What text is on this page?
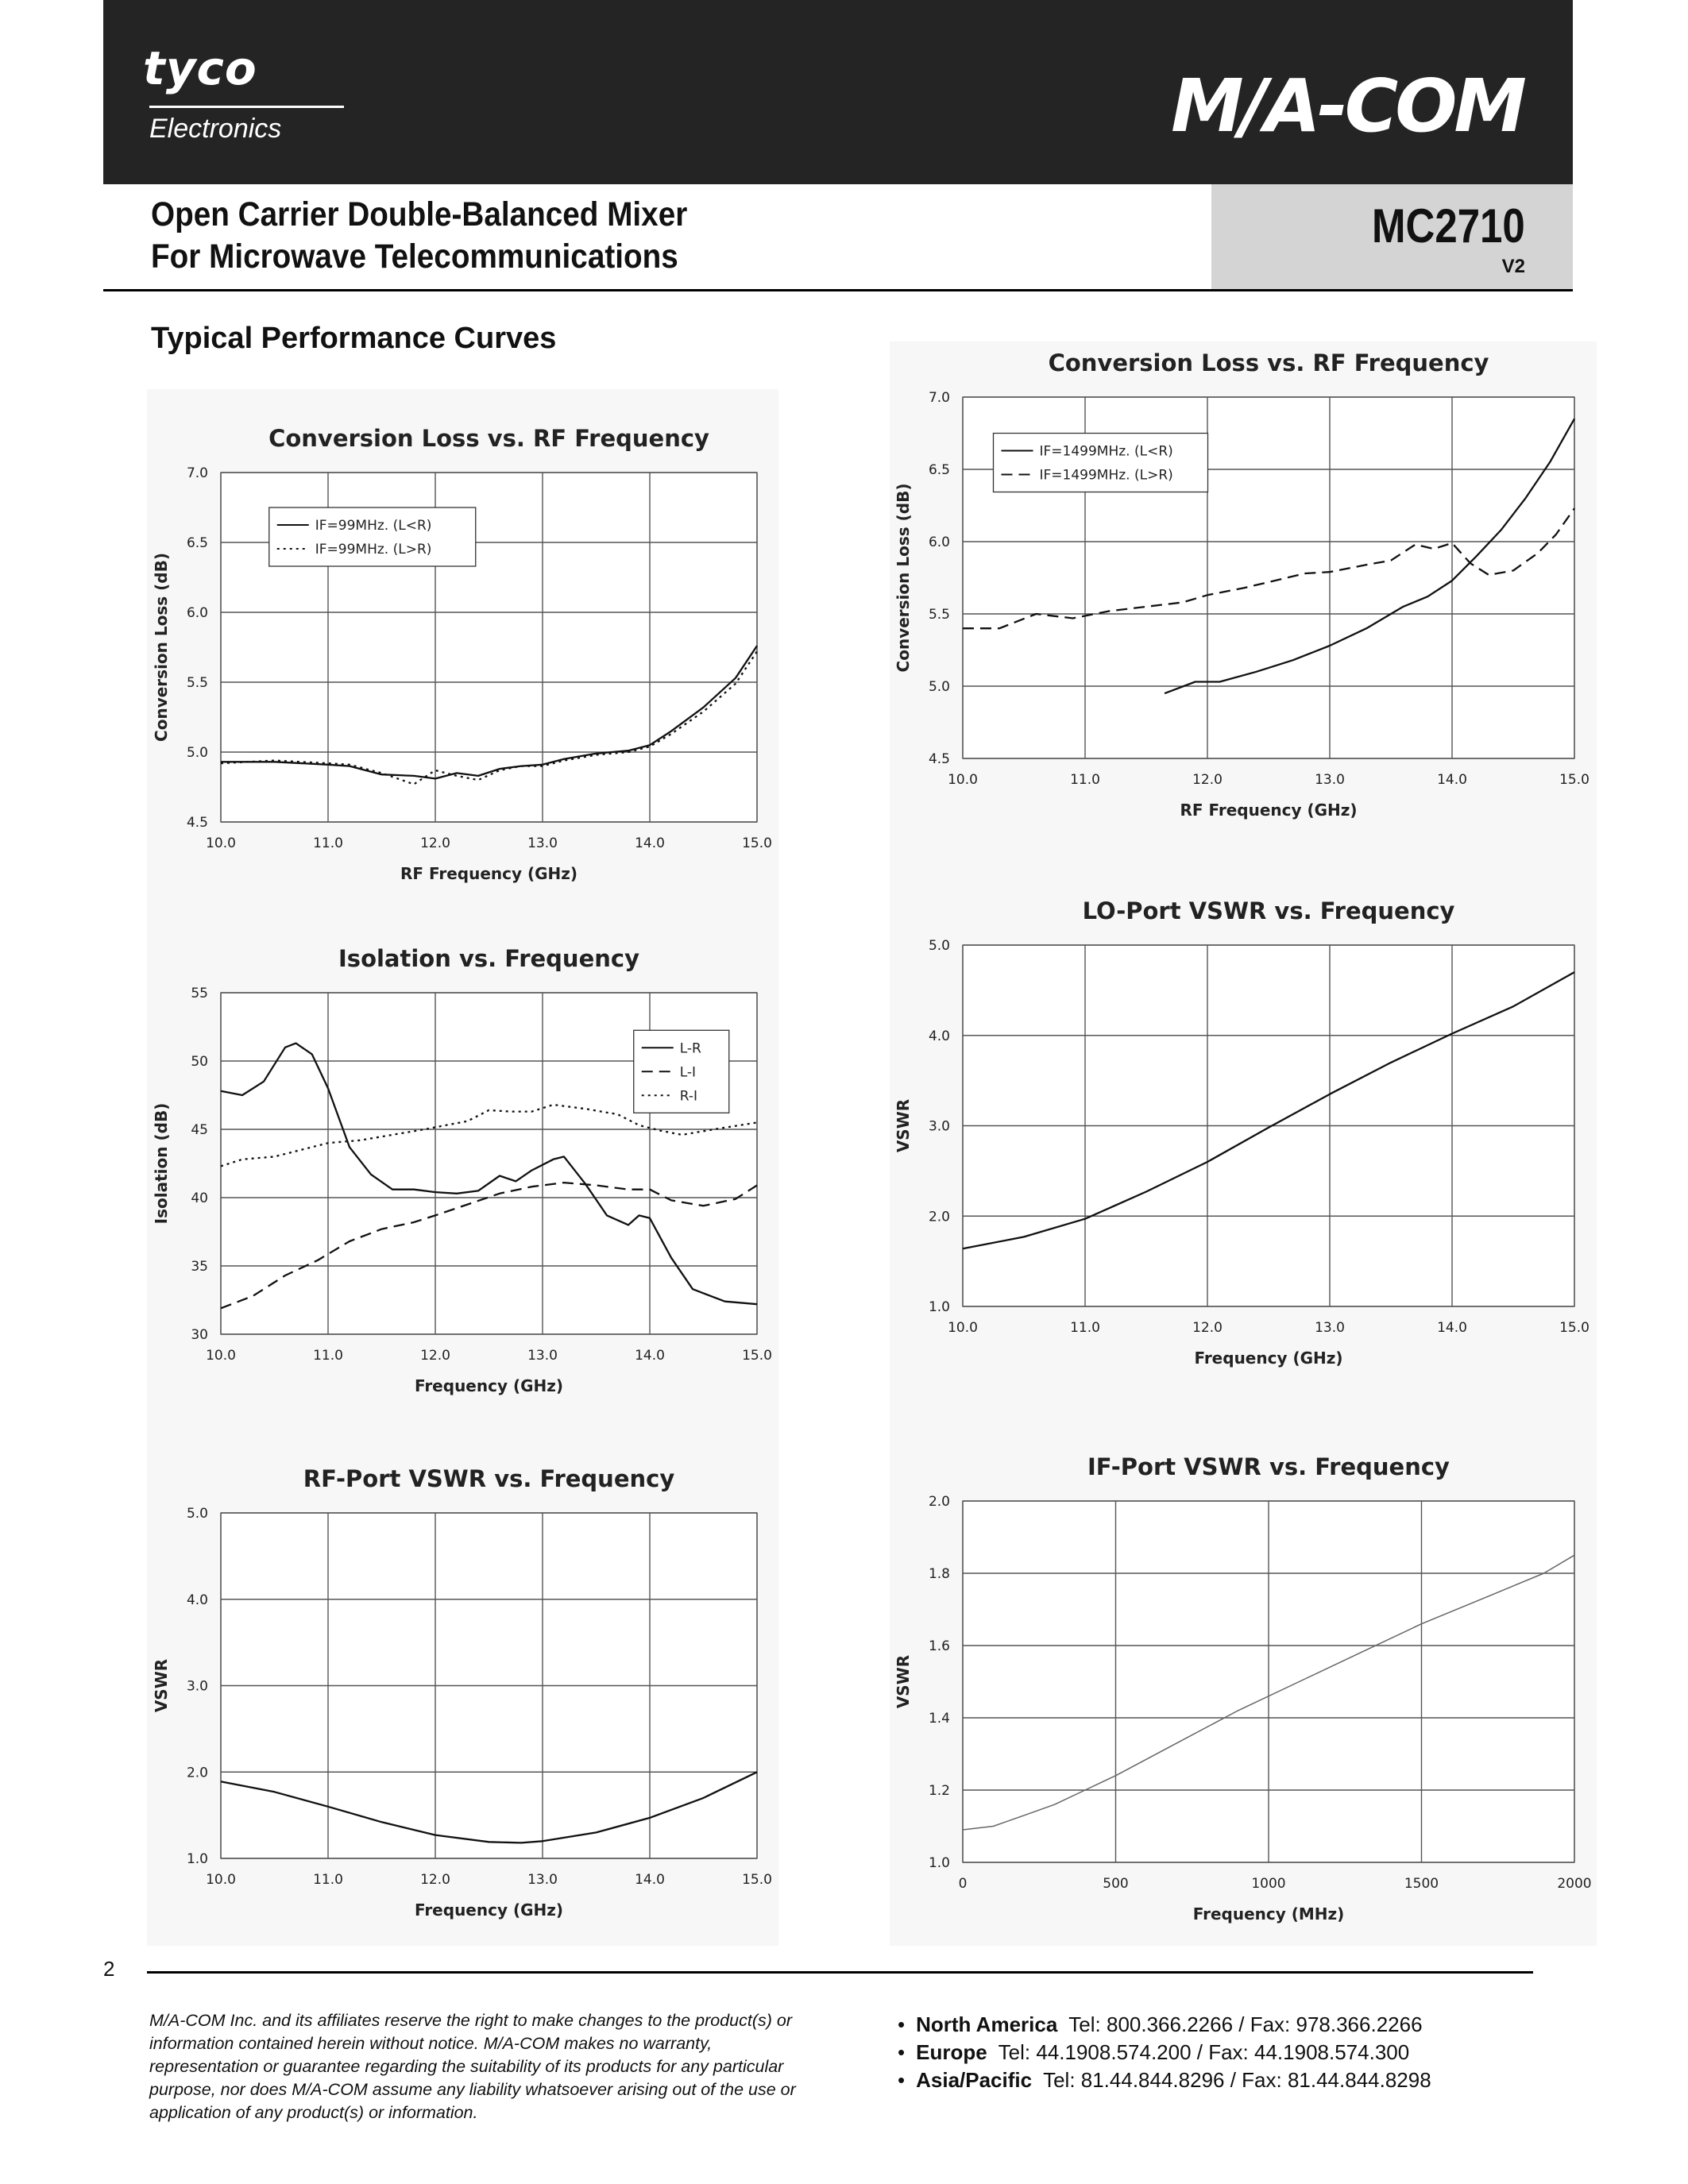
tyco
Electronics	M/A-COM
Open Carrier Double-Balanced Mixer
For Microwave Telecommunications
MC2710
V2
Typical Performance Curves
4.5
5.0
5.5
6.0
6.5
7.0
10.0	11.0	12.0	13.0	14.0	15.0
Conversion Loss vs. RF Frequency
RF Frequency (GHz)
Conversion Loss (dB)
IF=99MHz. (L<R)
IF=99MHz. (L>R)
4.5
5.0
5.5
6.0
6.5
7.0
10.0	11.0	12.0	13.0	14.0	15.0
Conversion Loss vs. RF Frequency
RF Frequency (GHz)
Conversion Loss (dB)
IF=1499MHz. (L<R)
IF=1499MHz. (L>R)
30
35
40
45
50
55
10.0	11.0	12.0	13.0	14.0	15.0
Isolation vs. Frequency
Frequency (GHz)
Isolation (dB)
L-R
L-I
R-I
1.0
2.0
3.0
4.0
5.0
10.0	11.0	12.0	13.0	14.0	15.0
LO-Port VSWR vs. Frequency
Frequency (GHz)
VSWR
1.0
2.0
3.0
4.0
5.0
10.0	11.0	12.0	13.0	14.0	15.0
RF-Port VSWR vs. Frequency
Frequency (GHz)
VSWR
1.0
1.2
1.4
1.6
1.8
2.0
0	500	1000	1500	2000
IF-Port VSWR vs. Frequency
Frequency (MHz)
VSWR
2
M/A-COM Inc. and its affiliates reserve the right to make changes to the product(s) or information contained herein without notice. M/A-COM makes no warranty, representation or guarantee regarding the suitability of its products for any particular purpose, nor does M/A-COM assume any liability whatsoever arising out of the use or application of any product(s) or information.
• North America Tel: 800.366.2266 / Fax: 978.366.2266
• Europe Tel: 44.1908.574.200 / Fax: 44.1908.574.300
• Asia/Pacific Tel: 81.44.844.8296 / Fax: 81.44.844.8298
